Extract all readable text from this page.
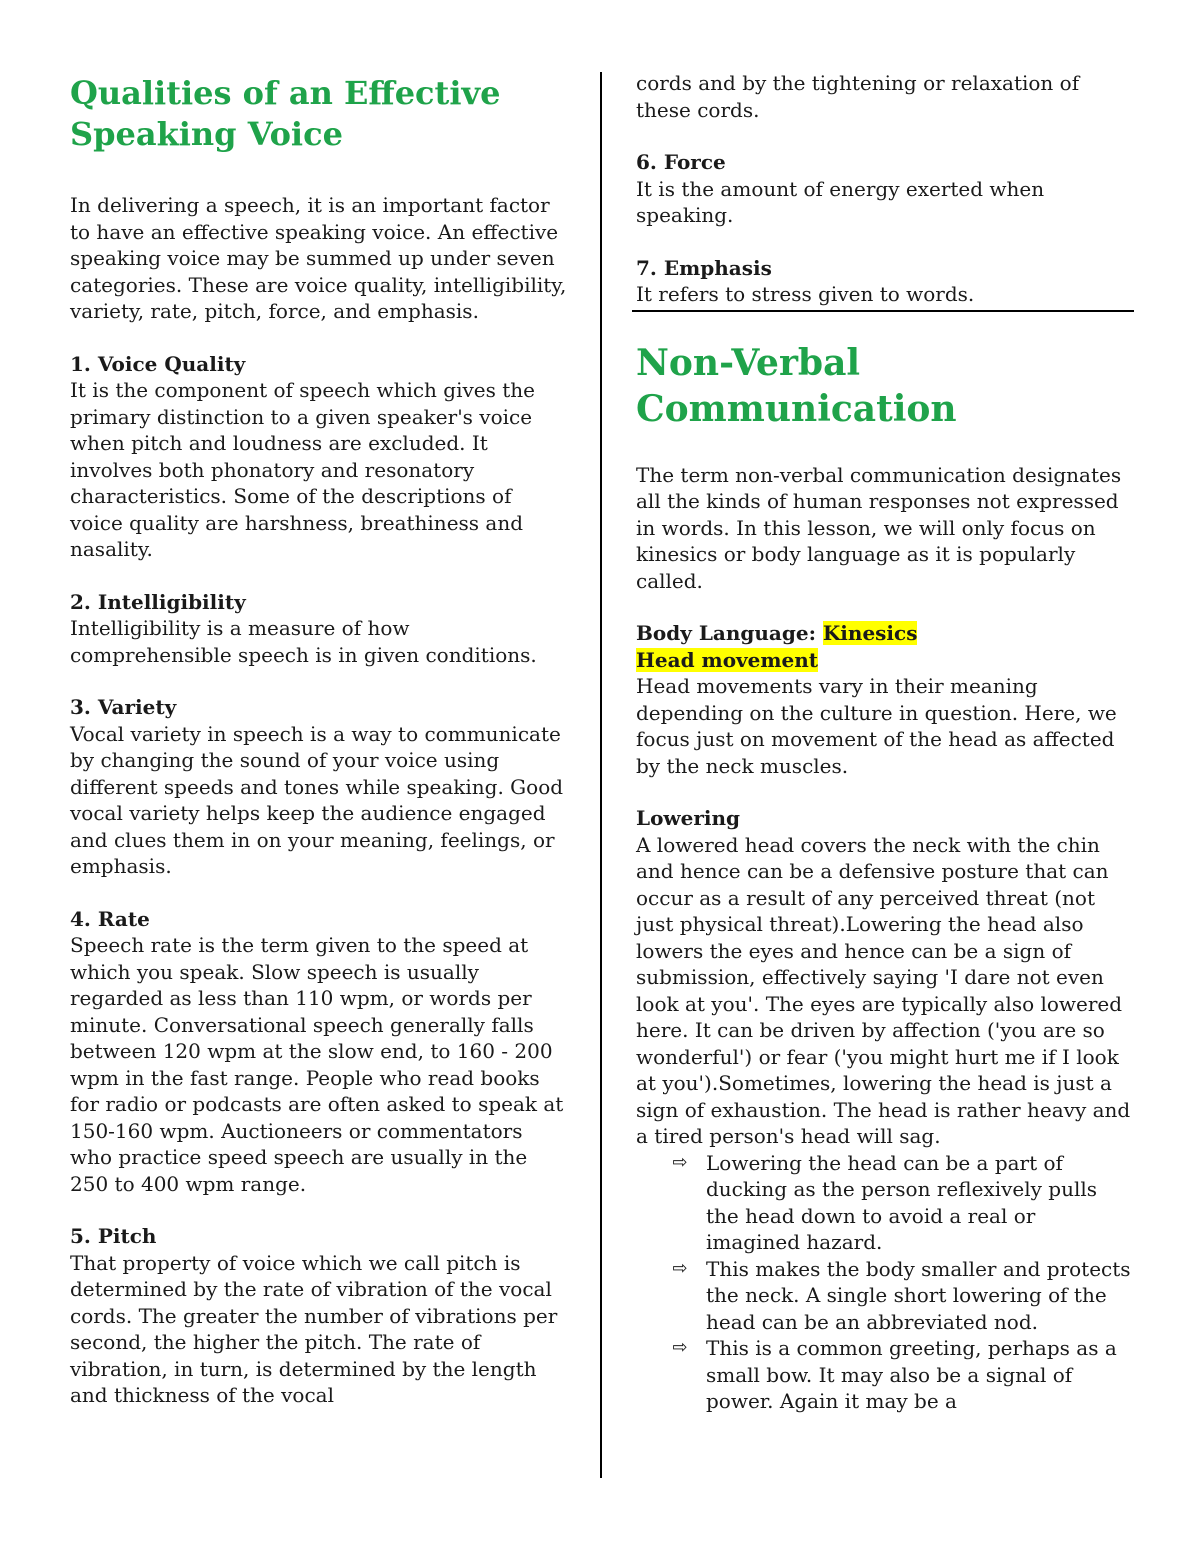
Qualities of an Effective Speaking Voice

In delivering a speech, it is an important factor to have an effective speaking voice. An effective speaking voice may be summed up under seven categories. These are voice quality, intelligibility, variety, rate, pitch, force, and emphasis.

1. Voice Quality

It is the component of speech which gives the primary distinction to a given speaker's voice when pitch and loudness are excluded. It involves both phonatory and resonatory characteristics. Some of the descriptions of voice quality are harshness, breathiness and nasality.

2. Intelligibility

Intelligibility is a measure of how comprehensible speech is in given conditions.

3. Variety

Vocal variety in speech is a way to communicate by changing the sound of your voice using different speeds and tones while speaking. Good vocal variety helps keep the audience engaged and clues them in on your meaning, feelings, or emphasis.

4. Rate

Speech rate is the term given to the speed at which you speak. Slow speech is usually regarded as less than 110 wpm, or words per minute. Conversational speech generally falls between 120 wpm at the slow end, to 160 - 200 wpm in the fast range. People who read books for radio or podcasts are often asked to speak at 150-160 wpm. Auctioneers or commentators who practice speed speech are usually in the 250 to 400 wpm range.

5. Pitch

That property of voice which we call pitch is determined by the rate of vibration of the vocal cords. The greater the number of vibrations per second, the higher the pitch. The rate of vibration, in turn, is determined by the length and thickness of the vocal

cords and by the tightening or relaxation of these cords.

6. Force

It is the amount of energy exerted when speaking.

7. Emphasis

It refers to stress given to words.

Non-Verbal Communication

The term non-verbal communication designates all the kinds of human responses not expressed in words. In this lesson, we will only focus on kinesics or body language as it is popularly called.

Body Language: Kinesics
Head movement

Head movements vary in their meaning depending on the culture in question. Here, we focus just on movement of the head as affected by the neck muscles.

Lowering

A lowered head covers the neck with the chin and hence can be a defensive posture that can occur as a result of any perceived threat (not just physical threat).Lowering the head also lowers the eyes and hence can be a sign of submission, effectively saying 'I dare not even look at you'. The eyes are typically also lowered here. It can be driven by affection ('you are so wonderful') or fear ('you might hurt me if I look at you').Sometimes, lowering the head is just a sign of exhaustion. The head is rather heavy and a tired person's head will sag.

⇨ Lowering the head can be a part of ducking as the person reflexively pulls the head down to avoid a real or imagined hazard.
⇨ This makes the body smaller and protects the neck. A single short lowering of the head can be an abbreviated nod.
⇨ This is a common greeting, perhaps as a small bow. It may also be a signal of power. Again it may be a
